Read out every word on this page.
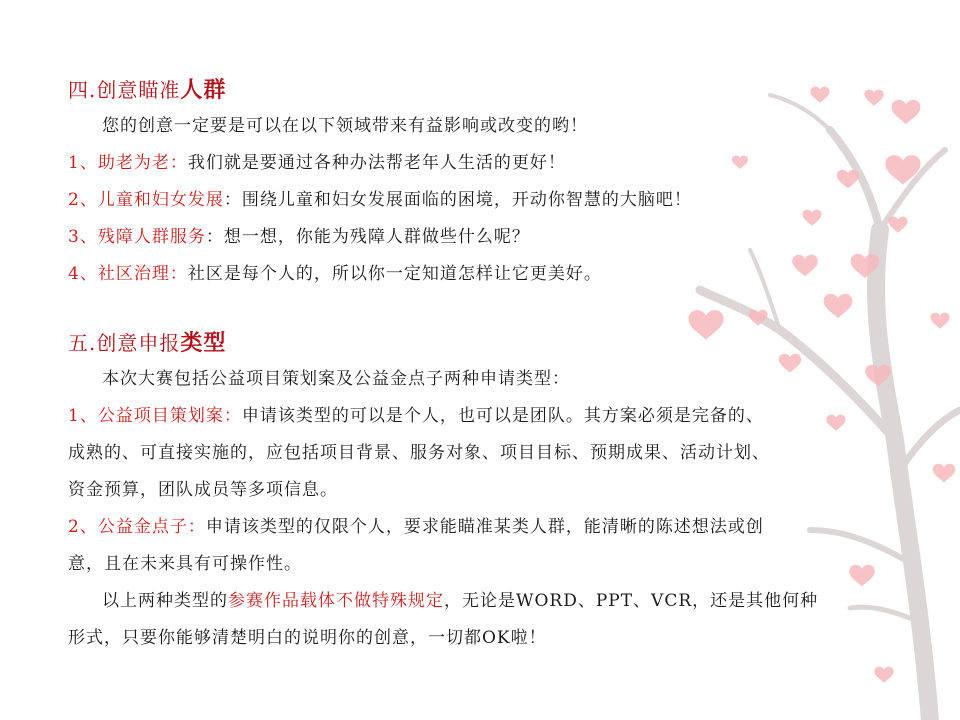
四.创意瞄准人群
您的创意一定要是可以在以下领域带来有益影响或改变的哟！
1、助老为老：我们就是要通过各种办法帮老年人生活的更好！
2、儿童和妇女发展：围绕儿童和妇女发展面临的困境，开动你智慧的大脑吧！
3、残障人群服务：想一想，你能为残障人群做些什么呢？
4、社区治理：社区是每个人的，所以你一定知道怎样让它更美好。
五.创意申报类型
本次大赛包括公益项目策划案及公益金点子两种申请类型：
1、公益项目策划案：申请该类型的可以是个人，也可以是团队。其方案必须是完备的、
成熟的、可直接实施的，应包括项目背景、服务对象、项目目标、预期成果、活动计划、
资金预算，团队成员等多项信息。
2、公益金点子：申请该类型的仅限个人，要求能瞄准某类人群，能清晰的陈述想法或创
意，且在未来具有可操作性。
以上两种类型的参赛作品载体不做特殊规定，无论是WORD、PPT、VCR，还是其他何种
形式，只要你能够清楚明白的说明你的创意，一切都OK啦！
